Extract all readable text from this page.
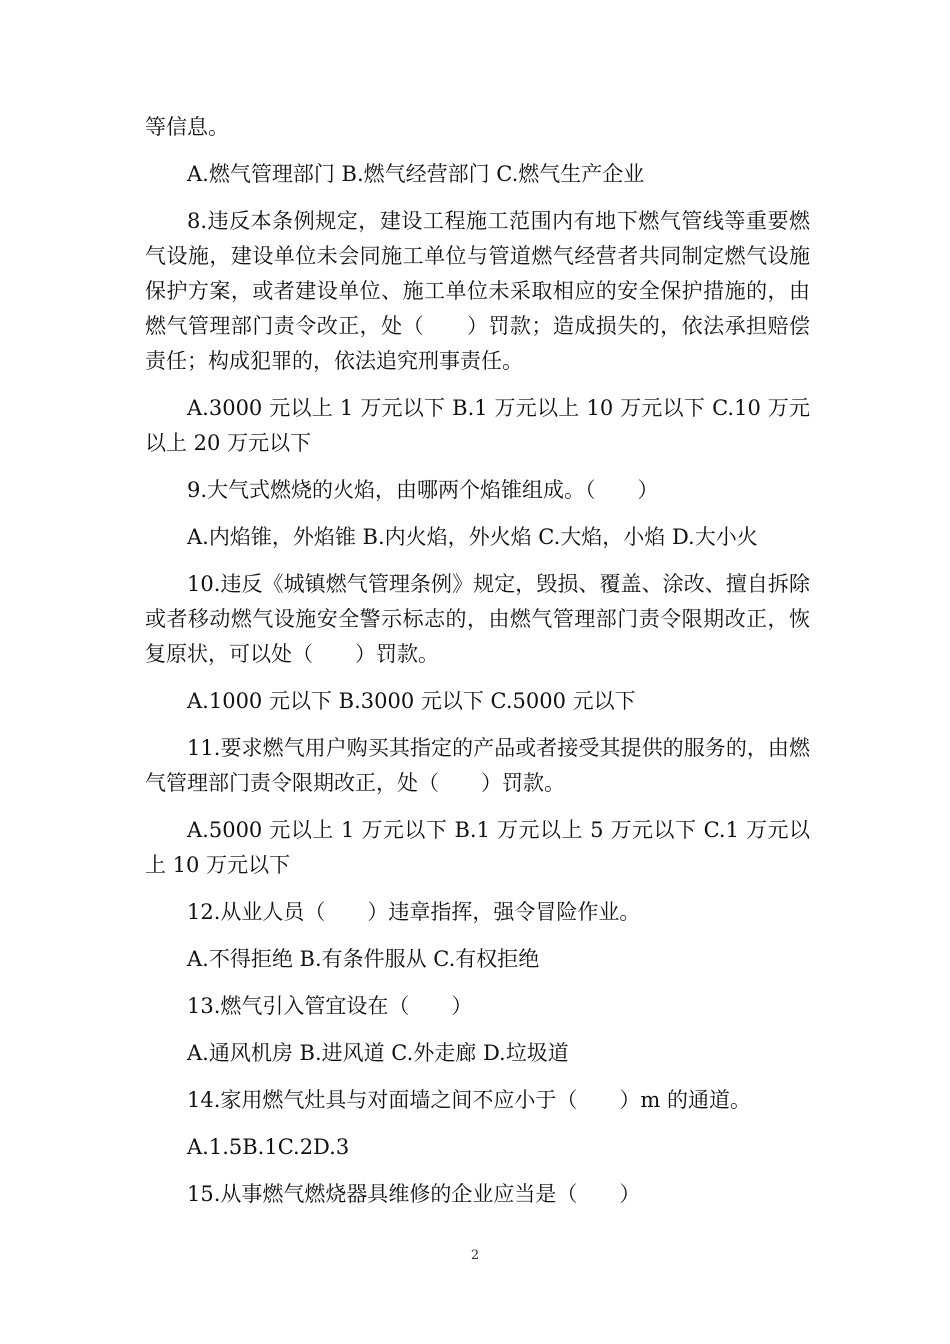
等信息。

A.燃气管理部门 B.燃气经营部门 C.燃气生产企业

8.违反本条例规定，建设工程施工范围内有地下燃气管线等重要燃气设施，建设单位未会同施工单位与管道燃气经营者共同制定燃气设施保护方案，或者建设单位、施工单位未采取相应的安全保护措施的，由燃气管理部门责令改正，处（　　）罚款；造成损失的，依法承担赔偿责任；构成犯罪的，依法追究刑事责任。

A.3000 元以上 1 万元以下 B.1 万元以上 10 万元以下 C.10 万元以上 20 万元以下

9.大气式燃烧的火焰，由哪两个焰锥组成。（　　）

A.内焰锥，外焰锥 B.内火焰，外火焰 C.大焰，小焰 D.大小火

10.违反《城镇燃气管理条例》规定，毁损、覆盖、涂改、擅自拆除或者移动燃气设施安全警示标志的，由燃气管理部门责令限期改正，恢复原状，可以处（　　）罚款。

A.1000 元以下 B.3000 元以下 C.5000 元以下

11.要求燃气用户购买其指定的产品或者接受其提供的服务的，由燃气管理部门责令限期改正，处（　　）罚款。

A.5000 元以上 1 万元以下 B.1 万元以上 5 万元以下 C.1 万元以上 10 万元以下

12.从业人员（　　）违章指挥，强令冒险作业。

A.不得拒绝 B.有条件服从 C.有权拒绝

13.燃气引入管宜设在（　　）

A.通风机房 B.进风道 C.外走廊 D.垃圾道

14.家用燃气灶具与对面墙之间不应小于（　　）m 的通道。

A.1.5B.1C.2D.3

15.从事燃气燃烧器具维修的企业应当是（　　）

2
